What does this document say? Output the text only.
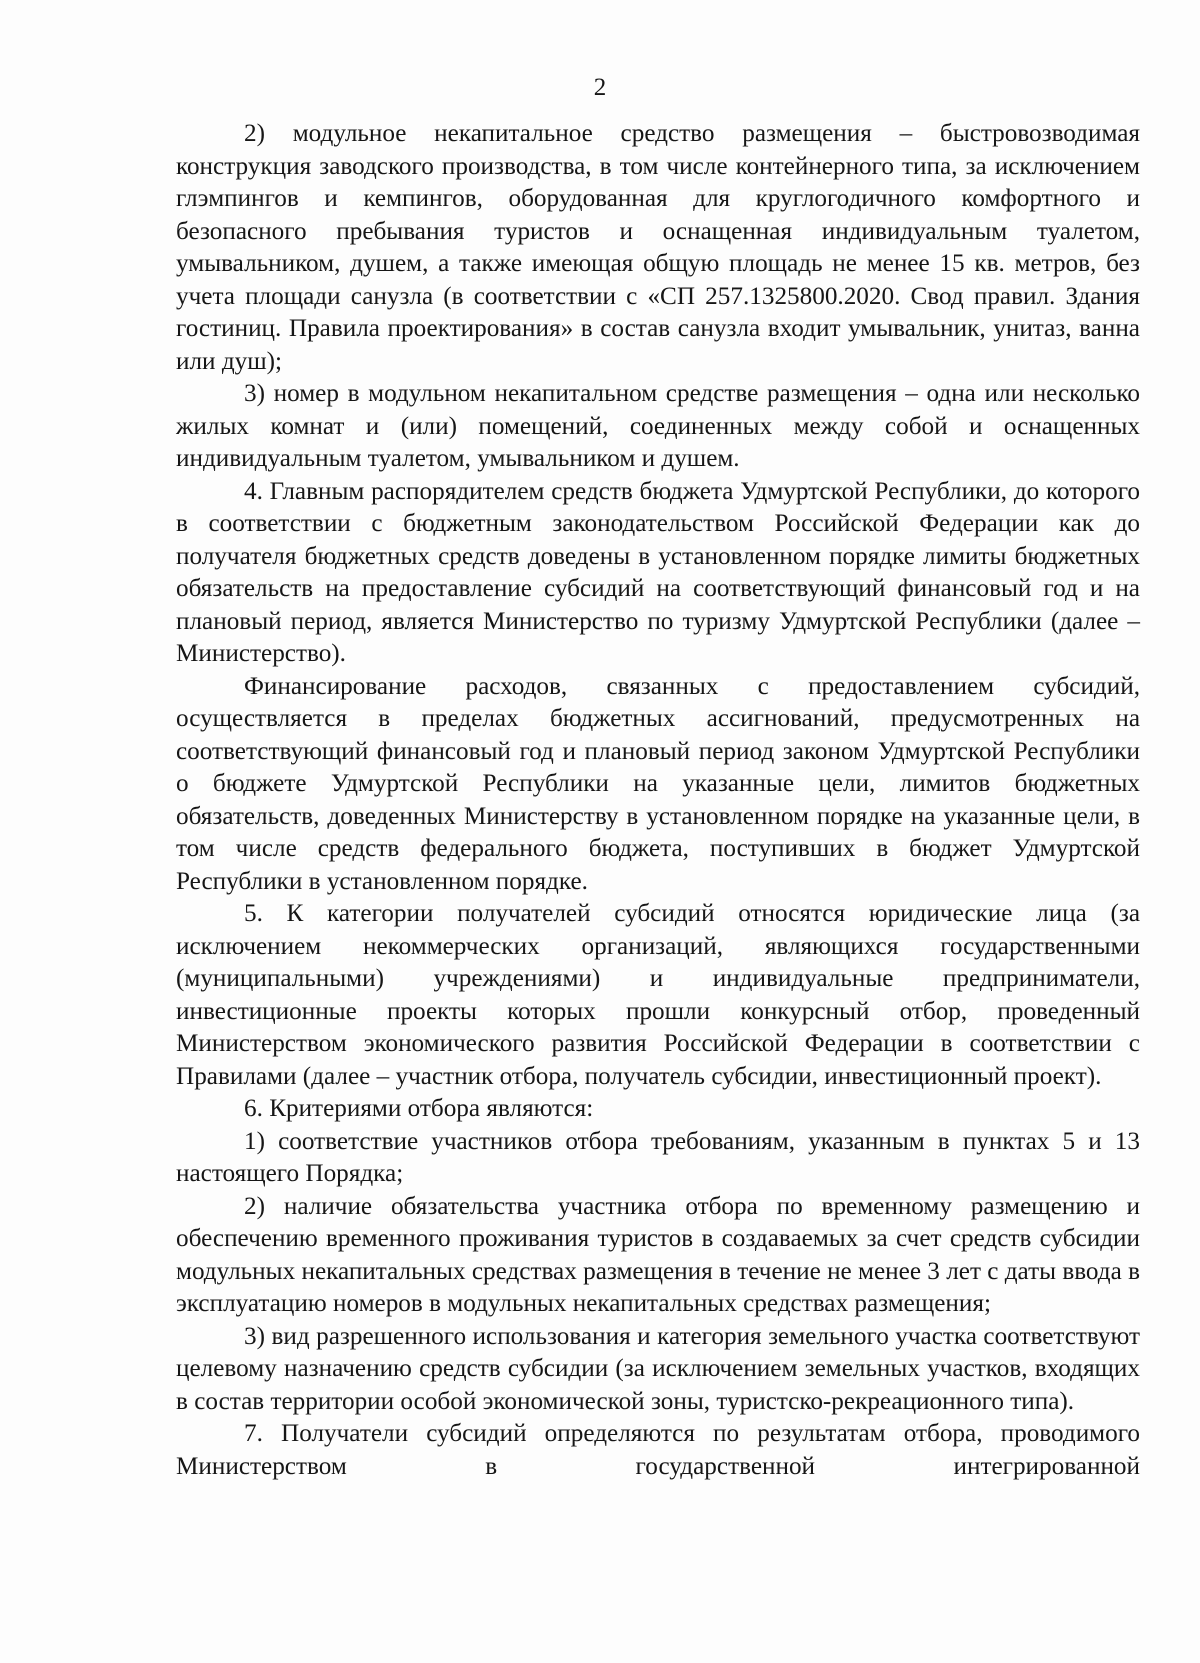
2

2) модульное некапитальное средство размещения – быстровозводимая конструкция заводского производства, в том числе контейнерного типа, за исключением глэмпингов и кемпингов, оборудованная для круглогодичного комфортного и безопасного пребывания туристов и оснащенная индивидуальным туалетом, умывальником, душем, а также имеющая общую площадь не менее 15 кв. метров, без учета площади санузла (в соответствии с «СП 257.1325800.2020. Свод правил. Здания гостиниц. Правила проектирования» в состав санузла входит умывальник, унитаз, ванна или душ);

3) номер в модульном некапитальном средстве размещения – одна или несколько жилых комнат и (или) помещений, соединенных между собой и оснащенных индивидуальным туалетом, умывальником и душем.

4. Главным распорядителем средств бюджета Удмуртской Республики, до которого в соответствии с бюджетным законодательством Российской Федерации как до получателя бюджетных средств доведены в установленном порядке лимиты бюджетных обязательств на предоставление субсидий на соответствующий финансовый год и на плановый период, является Министерство по туризму Удмуртской Республики (далее – Министерство).

Финансирование расходов, связанных с предоставлением субсидий, осуществляется в пределах бюджетных ассигнований, предусмотренных на соответствующий финансовый год и плановый период законом Удмуртской Республики о бюджете Удмуртской Республики на указанные цели, лимитов бюджетных обязательств, доведенных Министерству в установленном порядке на указанные цели, в том числе средств федерального бюджета, поступивших в бюджет Удмуртской Республики в установленном порядке.

5. К категории получателей субсидий относятся юридические лица (за исключением некоммерческих организаций, являющихся государственными (муниципальными) учреждениями) и индивидуальные предприниматели, инвестиционные проекты которых прошли конкурсный отбор, проведенный Министерством экономического развития Российской Федерации в соответствии с Правилами (далее – участник отбора, получатель субсидии, инвестиционный проект).

6. Критериями отбора являются:

1) соответствие участников отбора требованиям, указанным в пунктах 5 и 13 настоящего Порядка;

2) наличие обязательства участника отбора по временному размещению и обеспечению временного проживания туристов в создаваемых за счет средств субсидии модульных некапитальных средствах размещения в течение не менее 3 лет с даты ввода в эксплуатацию номеров в модульных некапитальных средствах размещения;

3) вид разрешенного использования и категория земельного участка соответствуют целевому назначению средств субсидии (за исключением земельных участков, входящих в состав территории особой экономической зоны, туристско-рекреационного типа).

7. Получатели субсидий определяются по результатам отбора, проводимого Министерством в государственной интегрированной
